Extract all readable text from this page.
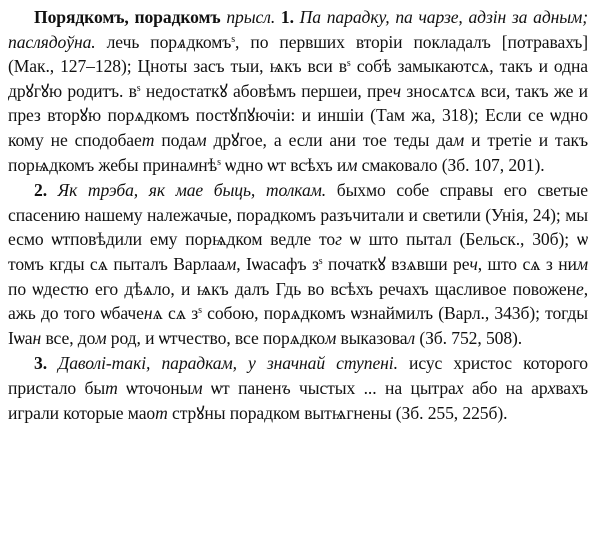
Порядкомъ, порадкомъ прысл. 1. Па парадку, па чарзе, адзін за адным; паслядоўна. лечь порѧдкомъ$^s$, по первших вторіи покладалъ [потравахъ] (Мак., 127–128); Цноты засъ тыи, ѩкъ вси $в^s$ собѣ замыкаютсѧ, такъ и одна дрꙋгꙋю родитъ. $в^s$ недостаткꙋ абовѣмъ першеи, преч зносѧтсѧ вси, такъ же и през вторꙋю порѧдкомъ постꙋпꙋючіи: и иншіи (Там жа, 318); Если се ѡдно кому не сподобает подам дрꙋгое, а если ани тое теды дам и третіе и такъ порѩдкомъ жебы принамнѣ$^s$ ѡдно ѡт всѣхъ им смаковало (Зб. 107, 201).

2. Як трэба, як мае быць, толкам. быхмо собе справы его светые спасению нашему належачые, порадкомъ разъчитали и светили (Унія, 24); мы есмо ѡтповѣдили ему порѩдком ведле тог ѡ што пытал (Бельск., 30б); ѡ томъ кгды сѧ пыталъ Варлаам, Іѡасафъ $з^s$ початкꙋ взѧвши реч, што сѧ з ним по ѡдестю его дѣѧло, и ѩкъ далъ Гдь во всѣхъ речахъ щасливое повожене, ажь до того ѡбаченѧ сѧ $з^s$ собою, порѧдкомъ ѡзнаймилъ (Варл., 343б); тогды Іѡан все, дом род, и ѡтчество, все порѧдком выказовал (Зб. 752, 508).

3. Даволі-такі, парадкам, у значнай ступені. исус христос которого пристало быт ѡточоным ѡт паненъ чыстых ... на цытрах або на архвахъ играли которые маот стрꙋны порадком вытѩгнены (Зб. 255, 225б).
